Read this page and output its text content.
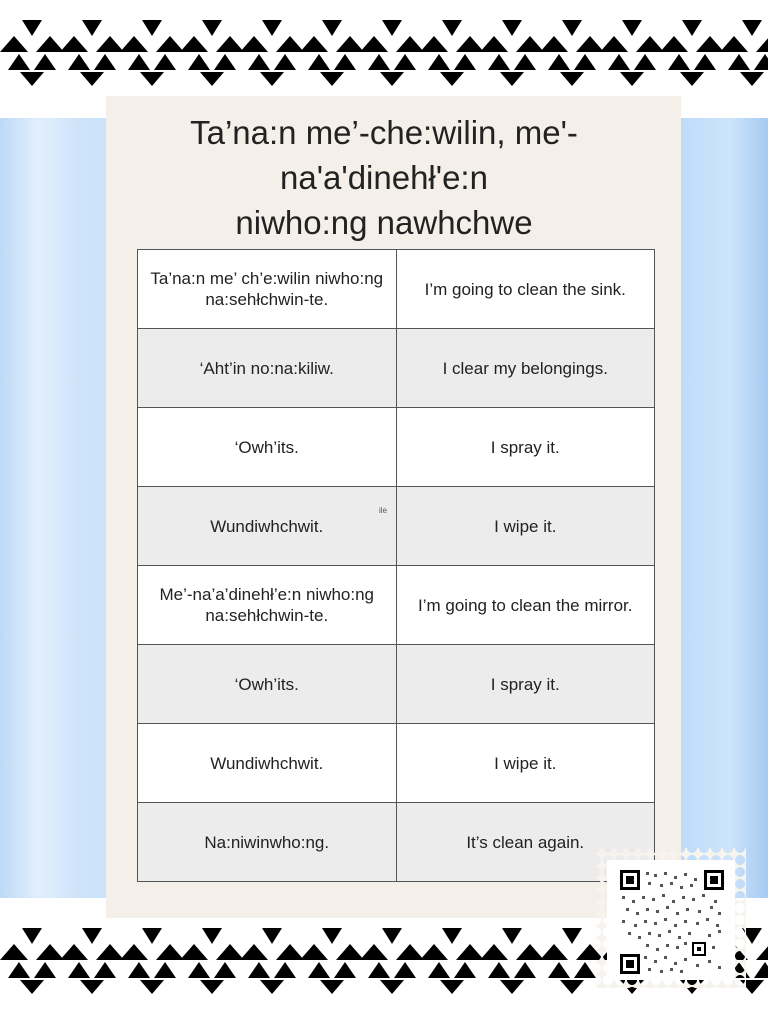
Ta’na:n me’-che:wilin, me'-
na'a'dinehł'e:n
niwho:ng nawhchwe
Ta’na:n me’ ch’e:wilin niwho:ng na:sehłchwin-te.	I’m going to clean the sink.
‘Aht’in no:na:kiliw.	I clear my belongings.
‘Owh’its.	I spray it.
Wundiwhchwit.	I wipe it.
Me’-na’a’dinehł’e:n niwho:ng na:sehłchwin-te.	I’m going to clean the mirror.
‘Owh’its.	I spray it.
Wundiwhchwit.	I wipe it.
Na:niwinwho:ng.	It’s clean again.
ile
